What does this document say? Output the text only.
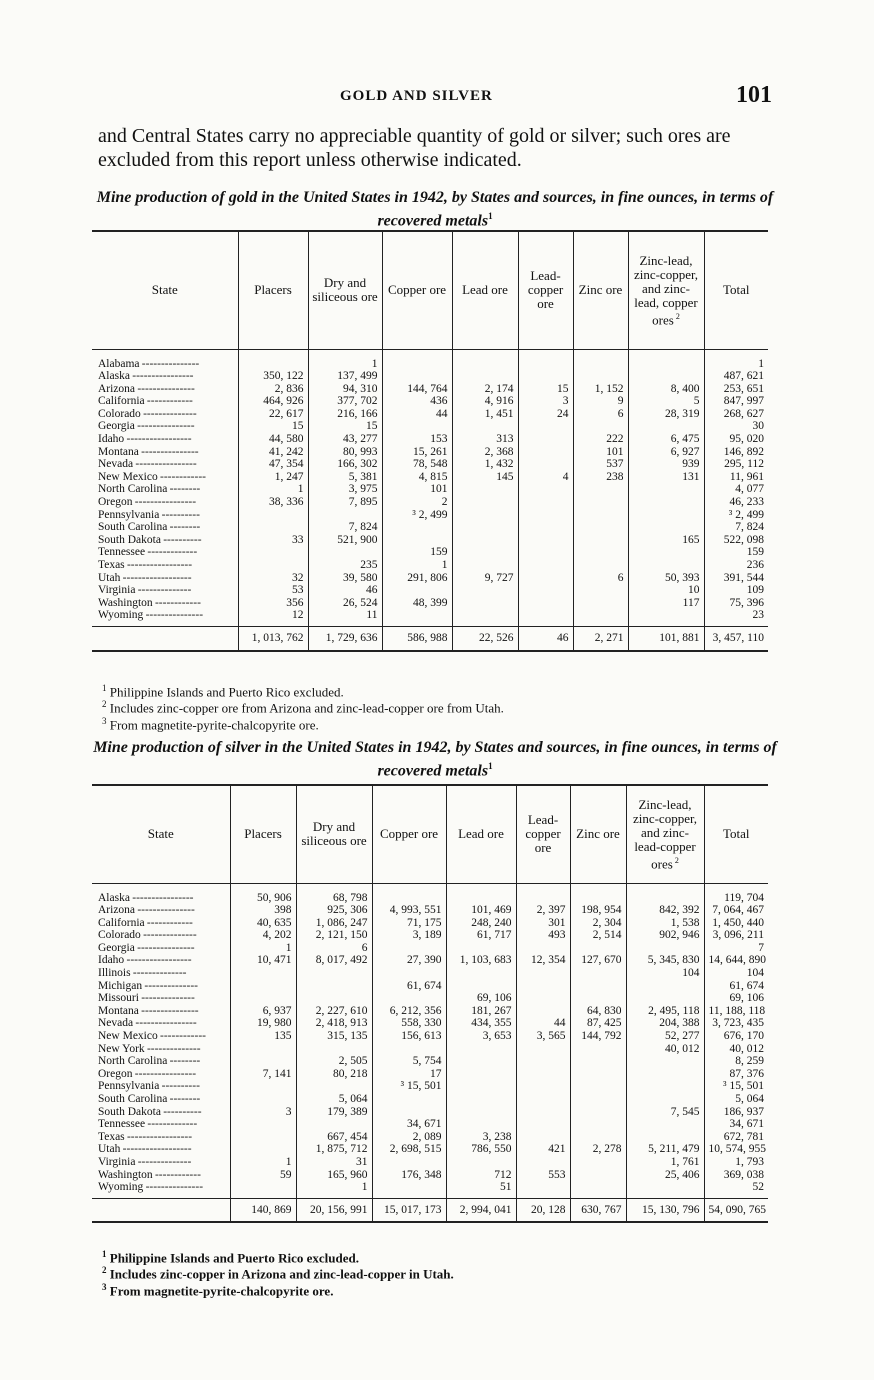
GOLD AND SILVER	101
and Central States carry no appreciable quantity of gold or silver; such ores are excluded from this report unless otherwise indicated.
Mine production of gold in the United States in 1942, by States and sources, in fine ounces, in terms of recovered metals$^1$
State	Placers	Dry and siliceous ore	Copper ore	Lead ore	Lead-copper ore	Zinc ore	Zinc-lead, zinc-copper, and zinc-lead, copper ores $^2$	Total
Alabama ---------------		1						1
Alaska ----------------	350, 122	137, 499						487, 621
Arizona ---------------	2, 836	94, 310	144, 764	2, 174	15	1, 152	8, 400	253, 651
California ------------	464, 926	377, 702	436	4, 916	3	9	5	847, 997
Colorado --------------	22, 617	216, 166	44	1, 451	24	6	28, 319	268, 627
Georgia ---------------	15	15						30
Idaho -----------------	44, 580	43, 277	153	313		222	6, 475	95, 020
Montana ---------------	41, 242	80, 993	15, 261	2, 368		101	6, 927	146, 892
Nevada ----------------	47, 354	166, 302	78, 548	1, 432		537	939	295, 112
New Mexico ------------	1, 247	5, 381	4, 815	145	4	238	131	11, 961
North Carolina --------	1	3, 975	101					4, 077
Oregon ----------------	38, 336	7, 895	2					46, 233
Pennsylvania ----------			³ 2, 499					³ 2, 499
South Carolina --------		7, 824						7, 824
South Dakota ----------	33	521, 900					165	522, 098
Tennessee -------------			159					159
Texas -----------------		235	1					236
Utah ------------------	32	39, 580	291, 806	9, 727		6	50, 393	391, 544
Virginia --------------	53	46					10	109
Washington ------------	356	26, 524	48, 399				117	75, 396
Wyoming ---------------	12	11						23
	1, 013, 762	1, 729, 636	586, 988	22, 526	46	2, 271	101, 881	3, 457, 110

$^1$ Philippine Islands and Puerto Rico excluded.

$^2$ Includes zinc-copper ore from Arizona and zinc-lead-copper ore from Utah.

$^3$ From magnetite-pyrite-chalcopyrite ore.

Mine production of silver in the United States in 1942, by States and sources, in fine ounces, in terms of recovered metals$^1$
State	Placers	Dry and siliceous ore	Copper ore	Lead ore	Lead-copper ore	Zinc ore	Zinc-lead, zinc-copper, and zinc-lead-copper ores $^2$	Total
Alaska ----------------	50, 906	68, 798						119, 704
Arizona ---------------	398	925, 306	4, 993, 551	101, 469	2, 397	198, 954	842, 392	7, 064, 467
California ------------	40, 635	1, 086, 247	71, 175	248, 240	301	2, 304	1, 538	1, 450, 440
Colorado --------------	4, 202	2, 121, 150	3, 189	61, 717	493	2, 514	902, 946	3, 096, 211
Georgia ---------------	1	6						7
Idaho -----------------	10, 471	8, 017, 492	27, 390	1, 103, 683	12, 354	127, 670	5, 345, 830	14, 644, 890
Illinois --------------							104	104
Michigan --------------			61, 674					61, 674
Missouri --------------				69, 106				69, 106
Montana ---------------	6, 937	2, 227, 610	6, 212, 356	181, 267		64, 830	2, 495, 118	11, 188, 118
Nevada ----------------	19, 980	2, 418, 913	558, 330	434, 355	44	87, 425	204, 388	3, 723, 435
New Mexico ------------	135	315, 135	156, 613	3, 653	3, 565	144, 792	52, 277	676, 170
New York --------------							40, 012	40, 012
North Carolina --------		2, 505	5, 754					8, 259
Oregon ----------------	7, 141	80, 218	17					87, 376
Pennsylvania ----------			³ 15, 501					³ 15, 501
South Carolina --------		5, 064						5, 064
South Dakota ----------	3	179, 389					7, 545	186, 937
Tennessee -------------			34, 671					34, 671
Texas -----------------		667, 454	2, 089	3, 238				672, 781
Utah ------------------		1, 875, 712	2, 698, 515	786, 550	421	2, 278	5, 211, 479	10, 574, 955
Virginia --------------	1	31					1, 761	1, 793
Washington ------------	59	165, 960	176, 348	712	553		25, 406	369, 038
Wyoming ---------------		1		51				52
	140, 869	20, 156, 991	15, 017, 173	2, 994, 041	20, 128	630, 767	15, 130, 796	54, 090, 765

$^1$ Philippine Islands and Puerto Rico excluded.

$^2$ Includes zinc-copper in Arizona and zinc-lead-copper in Utah.

$^3$ From magnetite-pyrite-chalcopyrite ore.
